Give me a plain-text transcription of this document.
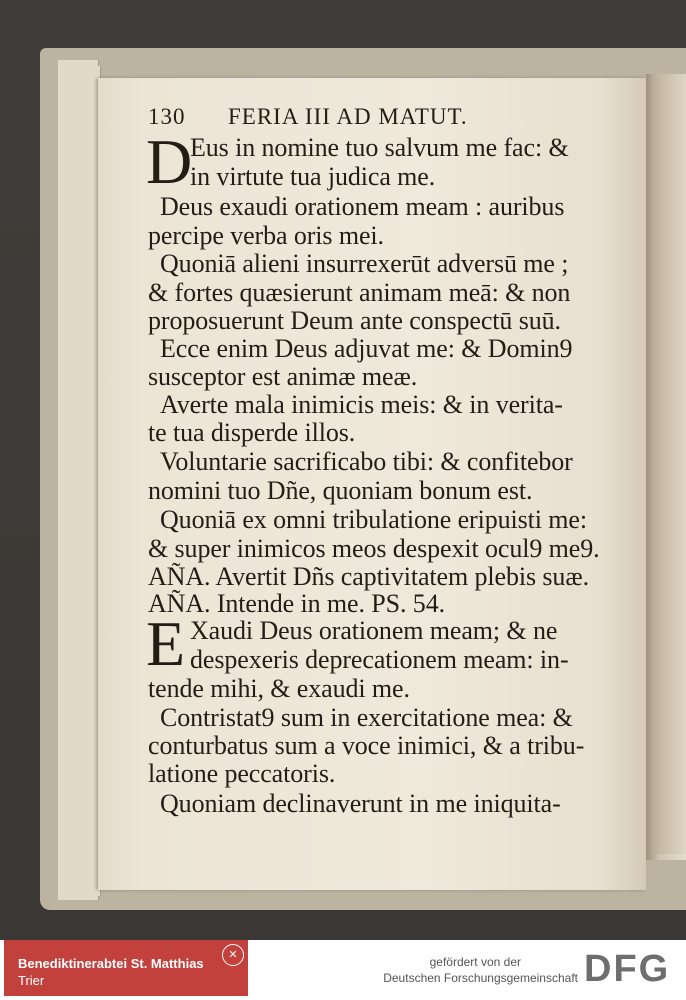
130 FERIA III AD MATUT.
D
E
Eus in nomine tuo salvum me fac: &
in virtute tua judica me.
Deus exaudi orationem meam : auribus
percipe verba oris mei.
Quoniā alieni insurrexerūt adversū me ;
& fortes quæsierunt animam meā: & non
proposuerunt Deum ante conspectū suū.
Ecce enim Deus adjuvat me: & Domin9
susceptor est animæ meæ.
Averte mala inimicis meis: & in verita-
te tua disperde illos.
Voluntarie sacrificabo tibi: & confitebor
nomini tuo Dñe, quoniam bonum est.
Quoniā ex omni tribulatione eripuisti me:
& super inimicos meos despexit ocul9 me9.
AÑA. Avertit Dñs captivitatem plebis suæ.
AÑA. Intende in me. PS. 54.
Xaudi Deus orationem meam; & ne
despexeris deprecationem meam: in-
tende mihi, & exaudi me.
Contristat9 sum in exercitatione mea: &
conturbatus sum a voce inimici, & a tribu-
latione peccatoris.
Quoniam declinaverunt in me iniquita-
Benediktinerabtei St. Matthias
Trier
✕
gefördert von der
Deutschen Forschungsgemeinschaft DFG
